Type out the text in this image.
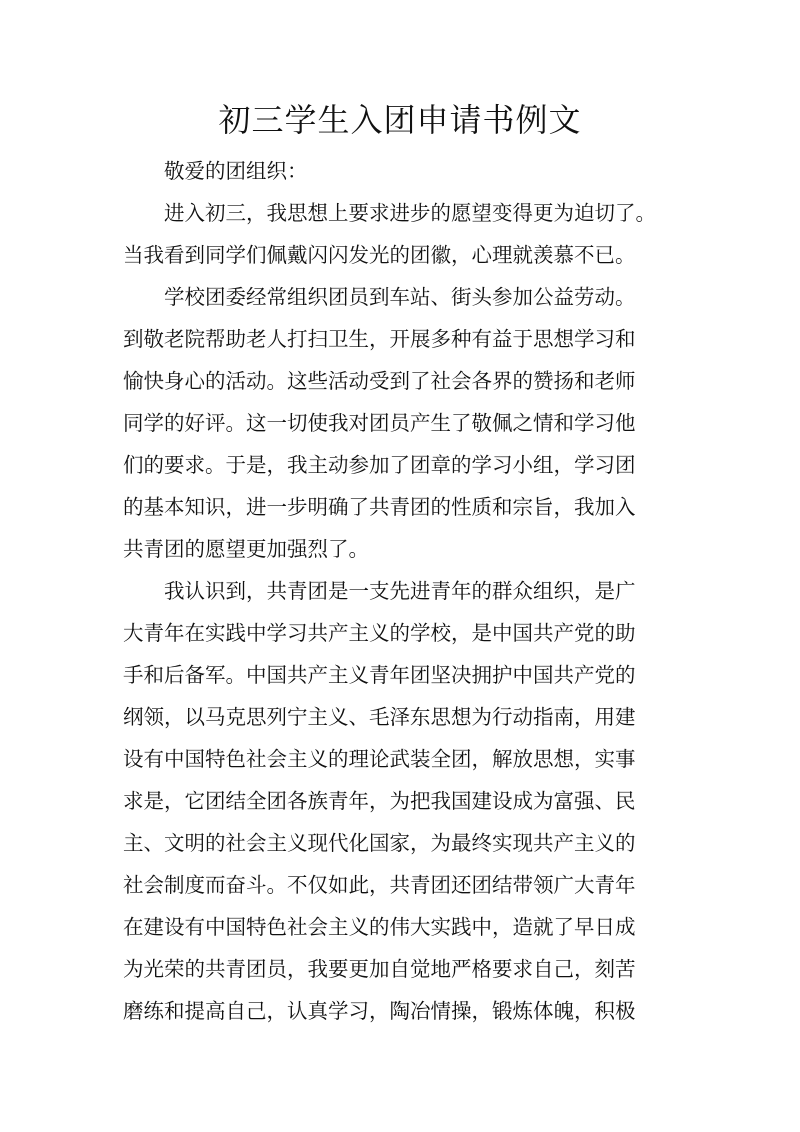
初三学生入团申请书例文
敬爱的团组织：
进入初三，我思想上要求进步的愿望变得更为迫切了。
当我看到同学们佩戴闪闪发光的团徽，心理就羡慕不已。
学校团委经常组织团员到车站、街头参加公益劳动。
到敬老院帮助老人打扫卫生，开展多种有益于思想学习和
愉快身心的活动。这些活动受到了社会各界的赞扬和老师
同学的好评。这一切使我对团员产生了敬佩之情和学习他
们的要求。于是，我主动参加了团章的学习小组，学习团
的基本知识，进一步明确了共青团的性质和宗旨，我加入
共青团的愿望更加强烈了。
我认识到，共青团是一支先进青年的群众组织，是广
大青年在实践中学习共产主义的学校，是中国共产党的助
手和后备军。中国共产主义青年团坚决拥护中国共产党的
纲领，以马克思列宁主义、毛泽东思想为行动指南，用建
设有中国特色社会主义的理论武装全团，解放思想，实事
求是，它团结全团各族青年，为把我国建设成为富强、民
主、文明的社会主义现代化国家，为最终实现共产主义的
社会制度而奋斗。不仅如此，共青团还团结带领广大青年
在建设有中国特色社会主义的伟大实践中，造就了早日成
为光荣的共青团员，我要更加自觉地严格要求自己，刻苦
磨练和提高自己，认真学习，陶冶情操，锻炼体魄，积极
